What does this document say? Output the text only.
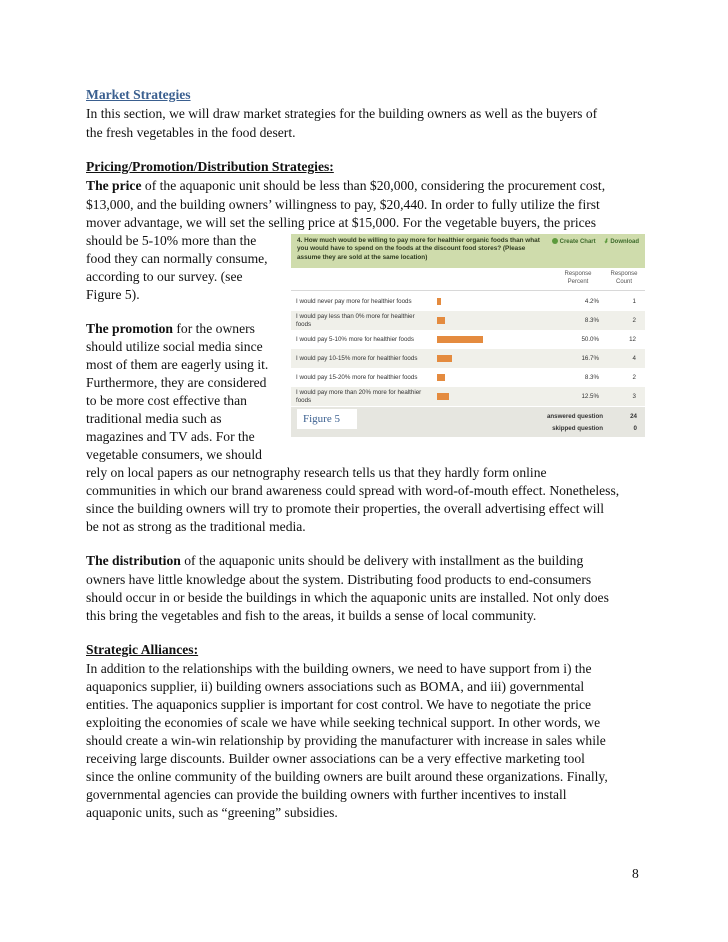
Market Strategies

In this section, we will draw market strategies for the building owners as well as the buyers of

the fresh vegetables in the food desert.

Pricing/Promotion/Distribution Strategies:

The price of the aquaponic unit should be less than $20,000, considering the procurement cost,

$13,000, and the building owners’ willingness to pay, $20,440. In order to fully utilize the first

mover advantage, we will set the selling price at $15,000. For the vegetable buyers, the prices

should be 5-10% more than the

food they can normally consume,

according to our survey. (see

Figure 5).

The promotion for the owners

should utilize social media since

most of them are eagerly using it.

Furthermore, they are considered

to be more cost effective than

traditional media such as

magazines and TV ads. For the

vegetable consumers, we should

rely on local papers as our netnography research tells us that they hardly form online

communities in which our brand awareness could spread with word-of-mouth effect. Nonetheless,

since the building owners will try to promote their properties, the overall advertising effect will

be not as strong as the traditional media.

The distribution of the aquaponic units should be delivery with installment as the building

owners have little knowledge about the system. Distributing food products to end-consumers

should occur in or beside the buildings in which the aquaponic units are installed. Not only does

this bring the vegetables and fish to the areas, it builds a sense of local community.

Strategic Alliances:

In addition to the relationships with the building owners, we need to have support from i) the

aquaponics supplier, ii) building owners associations such as BOMA, and iii) governmental

entities. The aquaponics supplier is important for cost control. We have to negotiate the price

exploiting the economies of scale we have while seeking technical support. In other words, we

should create a win-win relationship by providing the manufacturer with increase in sales while

receiving large discounts. Builder owner associations can be a very effective marketing tool

since the online community of the building owners are built around these organizations. Finally,

governmental agencies can provide the building owners with further incentives to install

aquaponic units, such as “greening” subsidies.

4. How much would be willing to pay more for healthier organic foods than what you would have to spend on the foods at the discount food stores? (Please assume they are sold at the same location)
Create Chart ⬇ Download
Response Percent
Response Count
I would never pay more for healthier foods	4.2%	1
I would pay less than 0% more for healthier foods	8.3%	2
I would pay 5-10% more for healthier foods	50.0%	12
I would pay 10-15% more for healthier foods	16.7%	4
I would pay 15-20% more for healthier foods	8.3%	2
I would pay more than 20% more for healthier foods	12.5%	3
Figure 5	answered question	24
skipped question	0
8
